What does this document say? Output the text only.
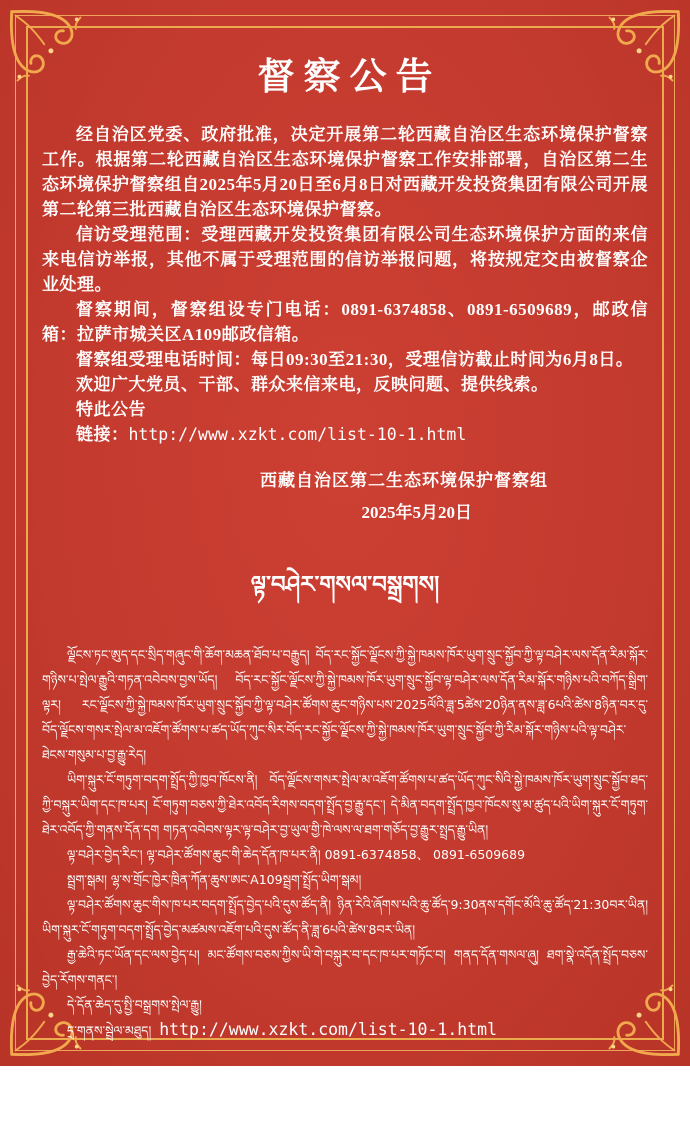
督察公告

经自治区党委、政府批准，决定开展第二轮西藏自治区生态环境保护督察工作。根据第二轮西藏自治区生态环境保护督察工作安排部署，自治区第二生态环境保护督察组自2025年5月20日至6月8日对西藏开发投资集团有限公司开展第二轮第三批西藏自治区生态环境保护督察。

信访受理范围：受理西藏开发投资集团有限公司生态环境保护方面的来信来电信访举报，其他不属于受理范围的信访举报问题，将按规定交由被督察企业处理。

督察期间，督察组设专门电话：0891-6374858、0891-6509689，邮政信箱：拉萨市城关区A109邮政信箱。

督察组受理电话时间：每日09:30至21:30，受理信访截止时间为6月8日。

欢迎广大党员、干部、群众来信来电，反映问题、提供线索。

特此公告

链接：http://www.xzkt.com/list-10-1.html

西藏自治区第二生态环境保护督察组
2025年5月20日
ལྟ་བཤེར་གསལ་བསྒྲགས།

ལྗོངས་ཏང་ཨུད་དང་སྲིད་གཞུང་གི་ཆོག་མཆན་ཐོབ་པ་བརྒྱུད། བོད་རང་སྐྱོང་ལྗོངས་ཀྱི་སྐྱེ་ཁམས་ཁོར་ཡུག་སྲུང་སྐྱོབ་ཀྱི་ལྟ་བཤེར་ལས་དོན་རིམ་སྐོར་གཉིས་པ་སྤེལ་རྒྱུའི་གཏན་འབེབས་བྱས་ཡོད། བོད་རང་སྐྱོང་ལྗོངས་ཀྱི་སྐྱེ་ཁམས་ཁོར་ཡུག་སྲུང་སྐྱོབ་ལྟ་བཤེར་ལས་དོན་རིམ་སྐོར་གཉིས་པའི་བཀོད་སྒྲིག་ལྟར། རང་ལྗོངས་ཀྱི་སྐྱེ་ཁམས་ཁོར་ཡུག་སྲུང་སྐྱོབ་ཀྱི་ལྟ་བཤེར་ཚོགས་ཆུང་གཉིས་པས་2025ལོའི་ཟླ་5ཚེས་20ཉིན་ནས་ཟླ་6པའི་ཚེས་8ཉིན་བར་དུ་བོད་ལྗོངས་གསར་སྤེལ་མ་འཇོག་ཚོགས་པ་ཚད་ཡོད་ཀུང་སིར་བོད་རང་སྐྱོང་ལྗོངས་ཀྱི་སྐྱེ་ཁམས་ཁོར་ཡུག་སྲུང་སྐྱོབ་ཀྱི་རིམ་སྐོར་གཉིས་པའི་ལྟ་བཤེར་ཐེངས་གསུམ་པ་བྱ་རྒྱུ་རེད།

ཡིག་སྐུར་ངོ་གཏུག་བདག་སྤྲོད་ཀྱི་ཁྱབ་ཁོངས་ནི། བོད་ལྗོངས་གསར་སྤེལ་མ་འཇོག་ཚོགས་པ་ཚད་ཡོད་ཀུང་སིའི་སྐྱེ་ཁམས་ཁོར་ཡུག་སྲུང་སྐྱོབ་ཐད་ཀྱི་བསྐུར་ཡིག་དང་ཁ་པར། ངོ་གཏུག་བཅས་ཀྱི་ཐེར་འབོད་རིགས་བདག་སྤྲོད་བྱ་རྒྱུ་དང་། དེ་མིན་བདག་སྤྲོད་ཁྱབ་ཁོངས་སུ་མ་ཚུད་པའི་ཡིག་སྐུར་ངོ་གཏུག་ཐེར་འབོད་ཀྱི་གནས་དོན་དག གཏན་འབེབས་ལྟར་ལྟ་བཤེར་བྱ་ཡུལ་གྱི་ཁེ་ལས་ལ་ཐག་གཅོད་བྱ་རྒྱུར་སྤྲད་རྒྱུ་ཡིན།

ལྟ་བཤེར་བྱེད་རིང་། ལྟ་བཤེར་ཚོགས་ཆུང་གི་ཆེད་དོན་ཁ་པར་ནི། 0891-6374858、 0891-6509689

སྦྲག་སྒམ། ལྷ་ས་གྲོང་ཁྱེར་ཁྲིན་ཀོན་ཆུས་ཨང་A109སྦྲག་སྤྲོད་ཡིག་སྒམ།

ལྟ་བཤེར་ཚོགས་ཆུང་གིས་ཁ་པར་བདག་སྤྲོད་བྱེད་པའི་དུས་ཚོད་ནི། ཉིན་རེའི་ཞོགས་པའི་ཆུ་ཚོད་9:30ནས་དགོང་མོའི་ཆུ་ཚོད་21:30བར་ཡིན། ཡིག་སྐུར་ངོ་གཏུག་བདག་སྤྲོད་བྱེད་མཚམས་འཇོག་པའི་དུས་ཚོད་ནི་ཟླ་6པའི་ཚེས་8བར་ཡིན།

རྒྱ་ཆེའི་ཏང་ཡོན་དང་ལས་བྱེད་པ། མང་ཚོགས་བཅས་ཀྱིས་ཡི་གེ་བསྐུར་བ་དང་ཁ་པར་གཏོང་བ། གནད་དོན་གསལ་ཞུ། ཐག་སྣེ་འདོན་སྤྲོད་བཅས་བྱེད་རོགས་གནང་།

དེ་དོན་ཆེད་དུ་སྤྱི་བསྒྲགས་སྤེལ་རྒྱུ།

དྲ་གནས་སྦྲེལ་མཐུད། http://www.xzkt.com/list-10-1.html

རང་སྐྱོང་ལྗོངས་ཀྱི་སྐྱེ་ཁམས་ཁོར་ཡུག་སྲུང་སྐྱོབ་ལྟ་བཤེར་ཚོགས་ཆུང་གཉིས་པ་ནས།
2025ལོའི་ཟླ་5ཚེས་20ལ།
